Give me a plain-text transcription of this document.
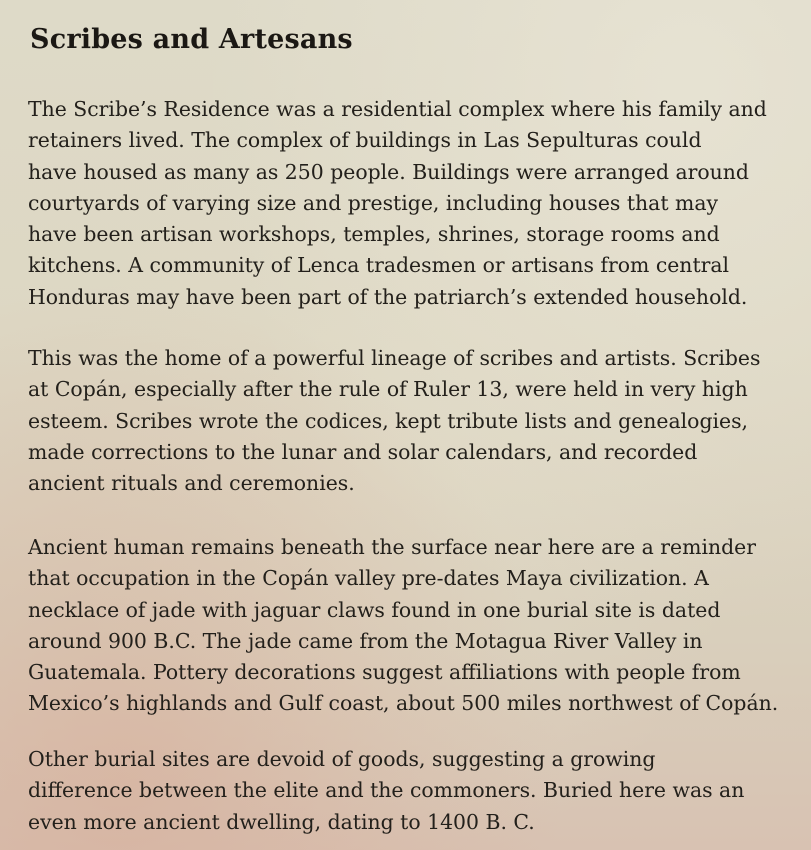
Scribes and Artesans

The Scribe’s Residence was a residential complex where his family and
retainers lived. The complex of buildings in Las Sepulturas could
have housed as many as 250 people. Buildings were arranged around
courtyards of varying size and prestige, including houses that may
have been artisan workshops, temples, shrines, storage rooms and
kitchens. A community of Lenca tradesmen or artisans from central
Honduras may have been part of the patriarch’s extended household.

This was the home of a powerful lineage of scribes and artists. Scribes
at Copán, especially after the rule of Ruler 13, were held in very high
esteem. Scribes wrote the codices, kept tribute lists and genealogies,
made corrections to the lunar and solar calendars, and recorded
ancient rituals and ceremonies.

Ancient human remains beneath the surface near here are a reminder
that occupation in the Copán valley pre-dates Maya civilization. A
necklace of jade with jaguar claws found in one burial site is dated
around 900 B.C. The jade came from the Motagua River Valley in
Guatemala. Pottery decorations suggest affiliations with people from
Mexico’s highlands and Gulf coast, about 500 miles northwest of Copán.

Other burial sites are devoid of goods, suggesting a growing
difference between the elite and the commoners. Buried here was an
even more ancient dwelling, dating to 1400 B. C.
